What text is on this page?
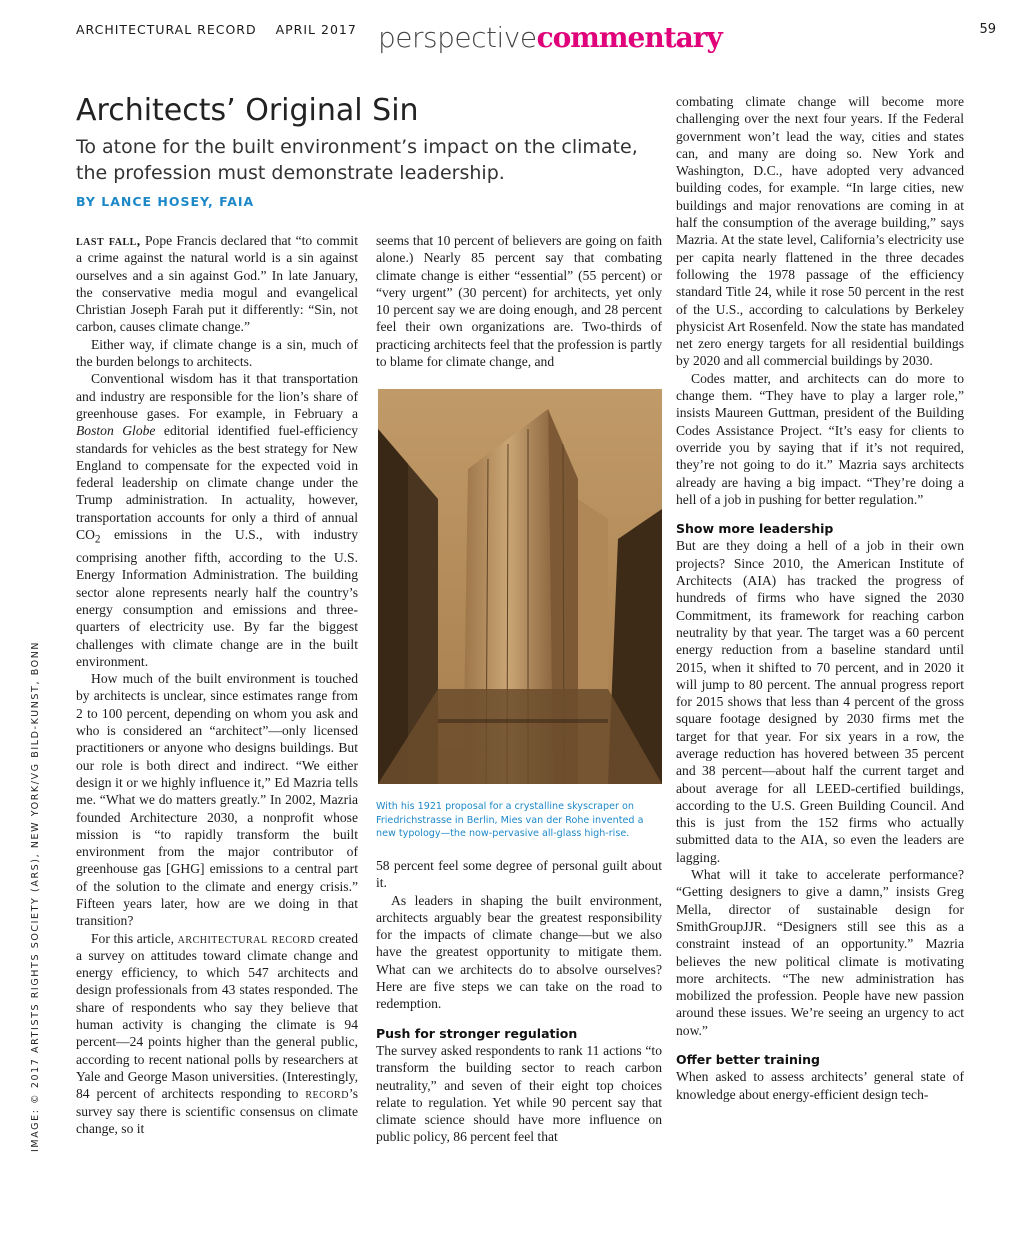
ARCHITECTURAL RECORD APRIL 2017 perspectivecommentary	59
Architects’ Original Sin
To atone for the built environment’s impact on the climate, the profession must demonstrate leadership.
BY LANCE HOSEY, FAIA

last fall, Pope Francis declared that “to commit a crime against the natural world is a sin against ourselves and a sin against God.” In late January, the conservative media mogul and evangelical Christian Joseph Farah put it differently: “Sin, not carbon, causes climate change.”

Either way, if climate change is a sin, much of the burden belongs to architects.

Conventional wisdom has it that transportation and industry are responsible for the lion’s share of greenhouse gases. For example, in February a Boston Globe editorial identified fuel-efficiency standards for vehicles as the best strategy for New England to compensate for the expected void in federal leadership on climate change under the Trump administration. In actuality, however, transportation accounts for only a third of annual $CO_2$ emissions in the U.S., with industry comprising another fifth, according to the U.S. Energy Information Administration. The building sector alone represents nearly half the country’s energy consumption and emissions and three-quarters of electricity use. By far the biggest challenges with climate change are in the built environment.

How much of the built environment is touched by architects is unclear, since estimates range from 2 to 100 percent, depending on whom you ask and who is considered an “architect”—only licensed practitioners or anyone who designs buildings. But our role is both direct and indirect. “We either design it or we highly influence it,” Ed Mazria tells me. “What we do matters greatly.” In 2002, Mazria founded Architecture 2030, a nonprofit whose mission is “to rapidly transform the built environment from the major contributor of greenhouse gas [GHG] emissions to a central part of the solution to the climate and energy crisis.” Fifteen years later, how are we doing in that transition?

For this article, architectural record created a survey on attitudes toward climate change and energy efficiency, to which 547 architects and design professionals from 43 states responded. The share of respondents who say they believe that human activity is changing the climate is 94 percent—24 points higher than the general public, according to recent national polls by researchers at Yale and George Mason universities. (Interestingly, 84 percent of architects responding to record’s survey say there is scientific consensus on climate change, so it

seems that 10 percent of believers are going on faith alone.) Nearly 85 percent say that combating climate change is either “essential” (55 percent) or “very urgent” (30 percent) for architects, yet only 10 percent say we are doing enough, and 28 percent feel their own organizations are. Two-thirds of practicing architects feel that the profession is partly to blame for climate change, and

With his 1921 proposal for a crystalline skyscraper on Friedrichstrasse in Berlin, Mies van der Rohe invented a new typology—the now-pervasive all-glass high-rise.

58 percent feel some degree of personal guilt about it.

As leaders in shaping the built environment, architects arguably bear the greatest responsibility for the impacts of climate change—but we also have the greatest opportunity to mitigate them. What can we architects do to absolve ourselves? Here are five steps we can take on the road to redemption.

Push for stronger regulation

The survey asked respondents to rank 11 actions “to transform the building sector to reach carbon neutrality,” and seven of their eight top choices relate to regulation. Yet while 90 percent say that climate science should have more influence on public policy, 86 percent feel that

combating climate change will become more challenging over the next four years. If the Federal government won’t lead the way, cities and states can, and many are doing so. New York and Washington, D.C., have adopted very advanced building codes, for example. “In large cities, new buildings and major renovations are coming in at half the consumption of the average building,” says Mazria. At the state level, California’s electricity use per capita nearly flattened in the three decades following the 1978 passage of the efficiency standard Title 24, while it rose 50 percent in the rest of the U.S., according to calculations by Berkeley physicist Art Rosenfeld. Now the state has mandated net zero energy targets for all residential buildings by 2020 and all commercial buildings by 2030.

Codes matter, and architects can do more to change them. “They have to play a larger role,” insists Maureen Guttman, president of the Building Codes Assistance Project. “It’s easy for clients to override you by saying that if it’s not required, they’re not going to do it.” Mazria says architects already are having a big impact. “They’re doing a hell of a job in pushing for better regulation.”

Show more leadership

But are they doing a hell of a job in their own projects? Since 2010, the American Institute of Architects (AIA) has tracked the progress of hundreds of firms who have signed the 2030 Commitment, its framework for reaching carbon neutrality by that year. The target was a 60 percent energy reduction from a baseline standard until 2015, when it shifted to 70 percent, and in 2020 it will jump to 80 percent. The annual progress report for 2015 shows that less than 4 percent of the gross square footage designed by 2030 firms met the target for that year. For six years in a row, the average reduction has hovered between 35 percent and 38 percent—about half the current target and about average for all LEED-certified buildings, according to the U.S. Green Building Council. And this is just from the 152 firms who actually submitted data to the AIA, so even the leaders are lagging.

What will it take to accelerate performance? “Getting designers to give a damn,” insists Greg Mella, director of sustainable design for SmithGroupJJR. “Designers still see this as a constraint instead of an opportunity.” Mazria believes the new political climate is motivating more architects. “The new administration has mobilized the profession. People have new passion around these issues. We’re seeing an urgency to act now.”

Offer better training

When asked to assess architects’ general state of knowledge about energy-efficient design tech-

IMAGE: © 2017 ARTISTS RIGHTS SOCIETY (ARS), NEW YORK/VG BILD-KUNST, BONN
